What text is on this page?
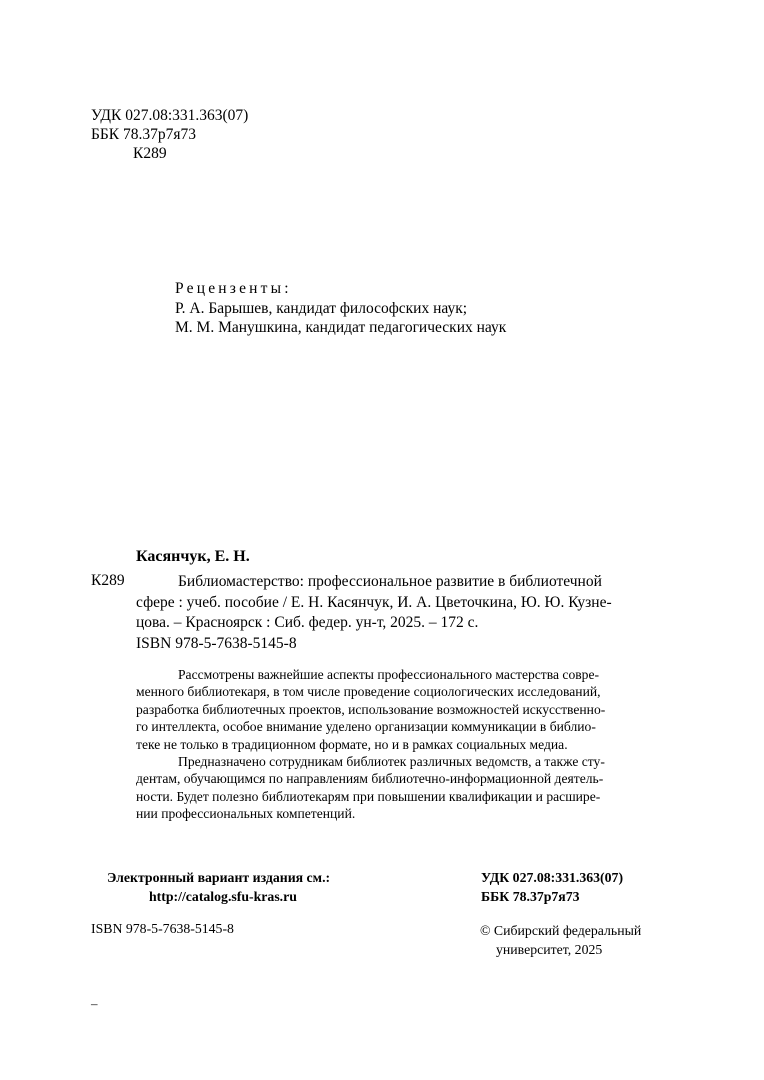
УДК 027.08:331.363(07)
ББК 78.37р7я73
К289
Рецензенты:
Р. А. Барышев, кандидат философских наук;
М. М. Манушкина, кандидат педагогических наук
Касянчук, Е. Н.
К289	Библиомастерство: профессиональное развитие в библиотечной
сфере : учеб. пособие / Е. Н. Касянчук, И. А. Цветочкина, Ю. Ю. Кузне-
цова. – Красноярск : Сиб. федер. ун-т, 2025. – 172 с.
ISBN 978-5-7638-5145-8
Рассмотрены важнейшие аспекты профессионального мастерства совре-
менного библиотекаря, в том числе проведение социологических исследований,
разработка библиотечных проектов, использование возможностей искусственно-
го интеллекта, особое внимание уделено организации коммуникации в библио-
теке не только в традиционном формате, но и в рамках социальных медиа.
Предназначено сотрудникам библиотек различных ведомств, а также сту-
дентам, обучающимся по направлениям библиотечно-информационной деятель-
ности. Будет полезно библиотекарям при повышении квалификации и расшире-
нии профессиональных компетенций.
Электронный вариант издания см.:
http://catalog.sfu-kras.ru
УДК 027.08:331.363(07)
ББК 78.37р7я73
ISBN 978-5-7638-5145-8	© Сибирский федеральный
университет, 2025
–
